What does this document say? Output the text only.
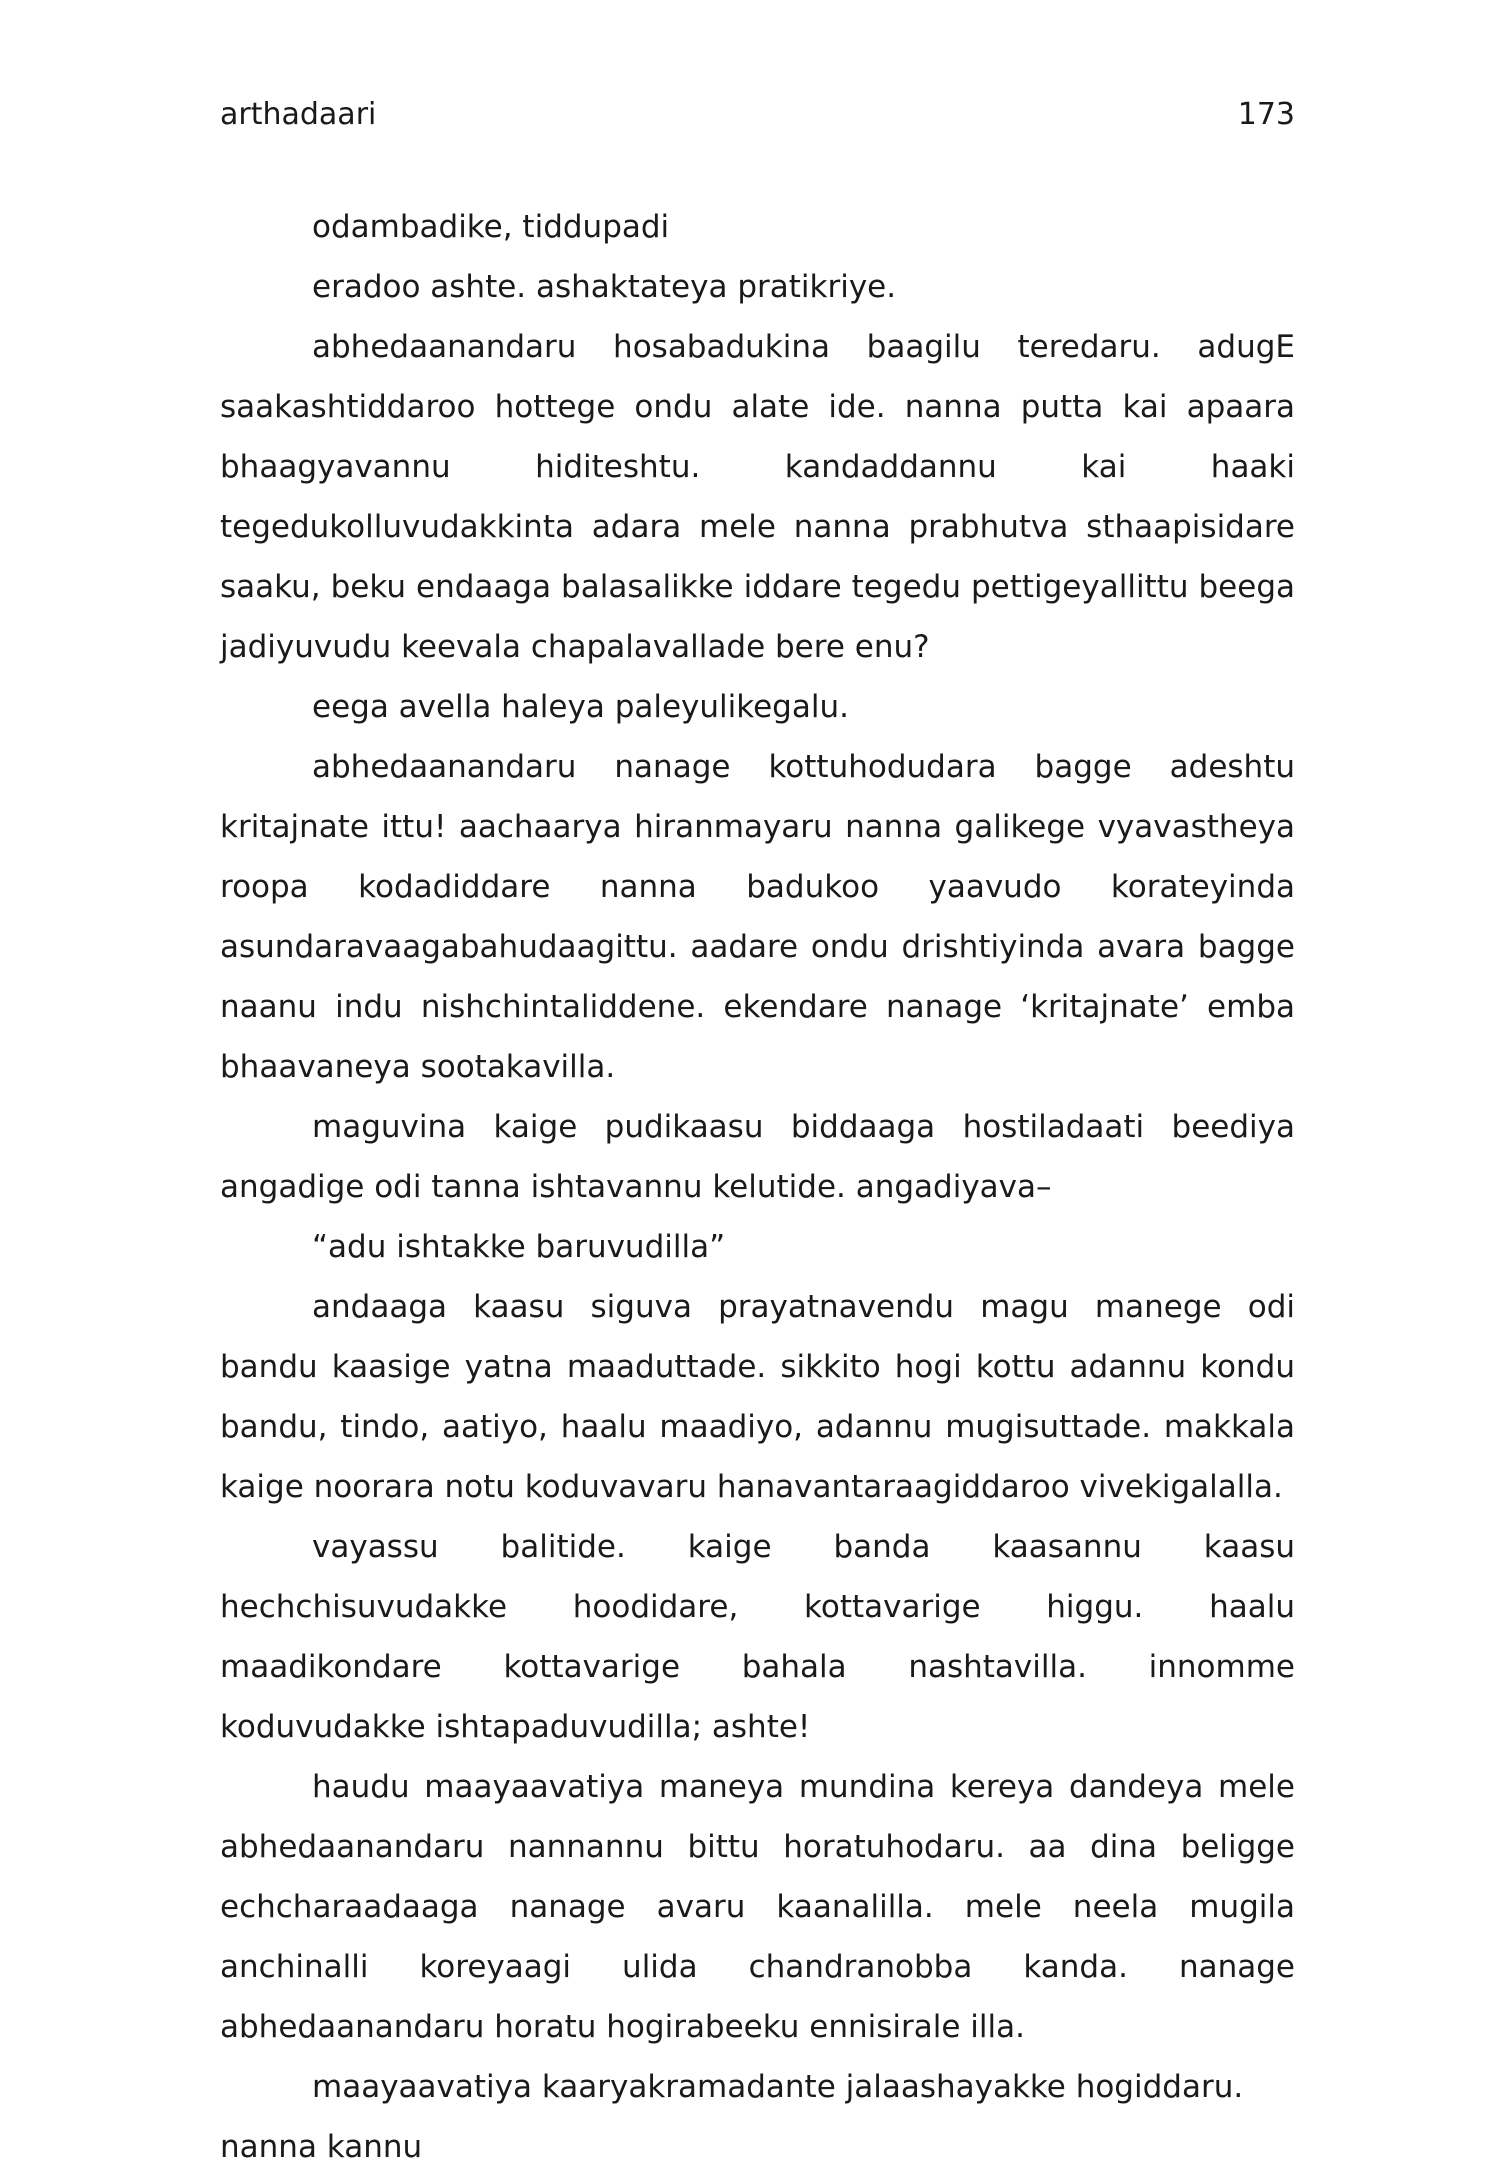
arthadaari	173

odambadike, tiddupadi

eradoo ashte. ashaktateya pratikriye.

abhedaanandaru hosabadukina baagilu teredaru. adugE saakashtiddaroo hottege ondu alate ide. nanna putta kai apaara bhaagyavannu hiditeshtu. kandaddannu kai haaki tegedukolluvudakkinta adara mele nanna prabhutva sthaapisidare saaku, beku endaaga balasalikke iddare tegedu pettigeyallittu beega jadiyuvudu keevala chapalavallade bere enu?

eega avella haleya paleyulikegalu.

abhedaanandaru nanage kottuhodudara bagge adeshtu kritajnate ittu! aachaarya hiranmayaru nanna galikege vyavastheya roopa kodadiddare nanna badukoo yaavudo korateyinda asundaravaagabahudaagittu. aadare ondu drishtiyinda avara bagge naanu indu nishchintaliddene. ekendare nanage ‘kritajnate’ emba bhaavaneya sootakavilla.

maguvina kaige pudikaasu biddaaga hostiladaati beediya angadige odi tanna ishtavannu kelutide. angadiyava–

“adu ishtakke baruvudilla”

andaaga kaasu siguva prayatnavendu magu manege odi bandu kaasige yatna maaduttade. sikkito hogi kottu adannu kondu bandu, tindo, aatiyo, haalu maadiyo, adannu mugisuttade. makkala kaige noorara notu koduvavaru hanavantaraagiddaroo vivekigalalla.

vayassu balitide. kaige banda kaasannu kaasu hechchisuvudakke hoodidare, kottavarige higgu. haalu maadikondare kottavarige bahala nashtavilla. innomme koduvudakke ishtapaduvudilla; ashte!

haudu maayaavatiya maneya mundina kereya dandeya mele abhedaanandaru nannannu bittu horatuhodaru. aa dina beligge echcharaadaaga nanage avaru kaanalilla. mele neela mugila anchinalli koreyaagi ulida chandranobba kanda. nanage abhedaanandaru horatu hogirabeeku ennisirale illa.

maayaavatiya kaaryakramadante jalaashayakke hogiddaru. nanna kannu
